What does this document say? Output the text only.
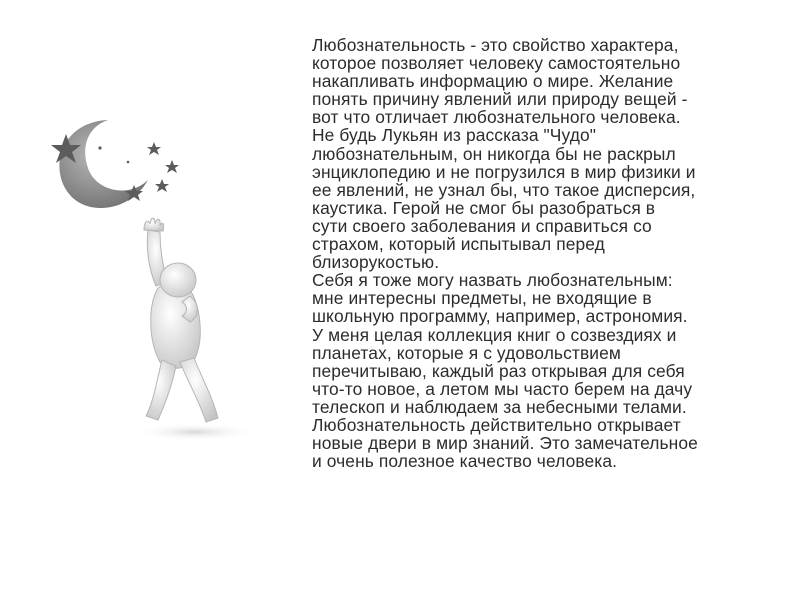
Любознательность - это свойство характера,
которое позволяет человеку самостоятельно
накапливать информацию о мире. Желание
понять причину явлений или природу вещей -
вот что отличает любознательного человека.

Не будь Лукьян из рассказа "Чудо"
любознательным, он никогда бы не раскрыл
энциклопедию и не погрузился в мир физики и
ее явлений, не узнал бы, что такое дисперсия,
каустика. Герой не смог бы разобраться в
сути своего заболевания и справиться со
страхом, который испытывал перед
близорукостью.

Себя я тоже могу назвать любознательным:
мне интересны предметы, не входящие в
школьную программу, например, астрономия.
У меня целая коллекция книг о созвездиях и
планетах, которые я с удовольствием
перечитываю, каждый раз открывая для себя
что-то новое, а летом мы часто берем на дачу
телескоп и наблюдаем за небесными телами.

Любознательность действительно открывает
новые двери в мир знаний. Это замечательное
и очень полезное качество человека.
